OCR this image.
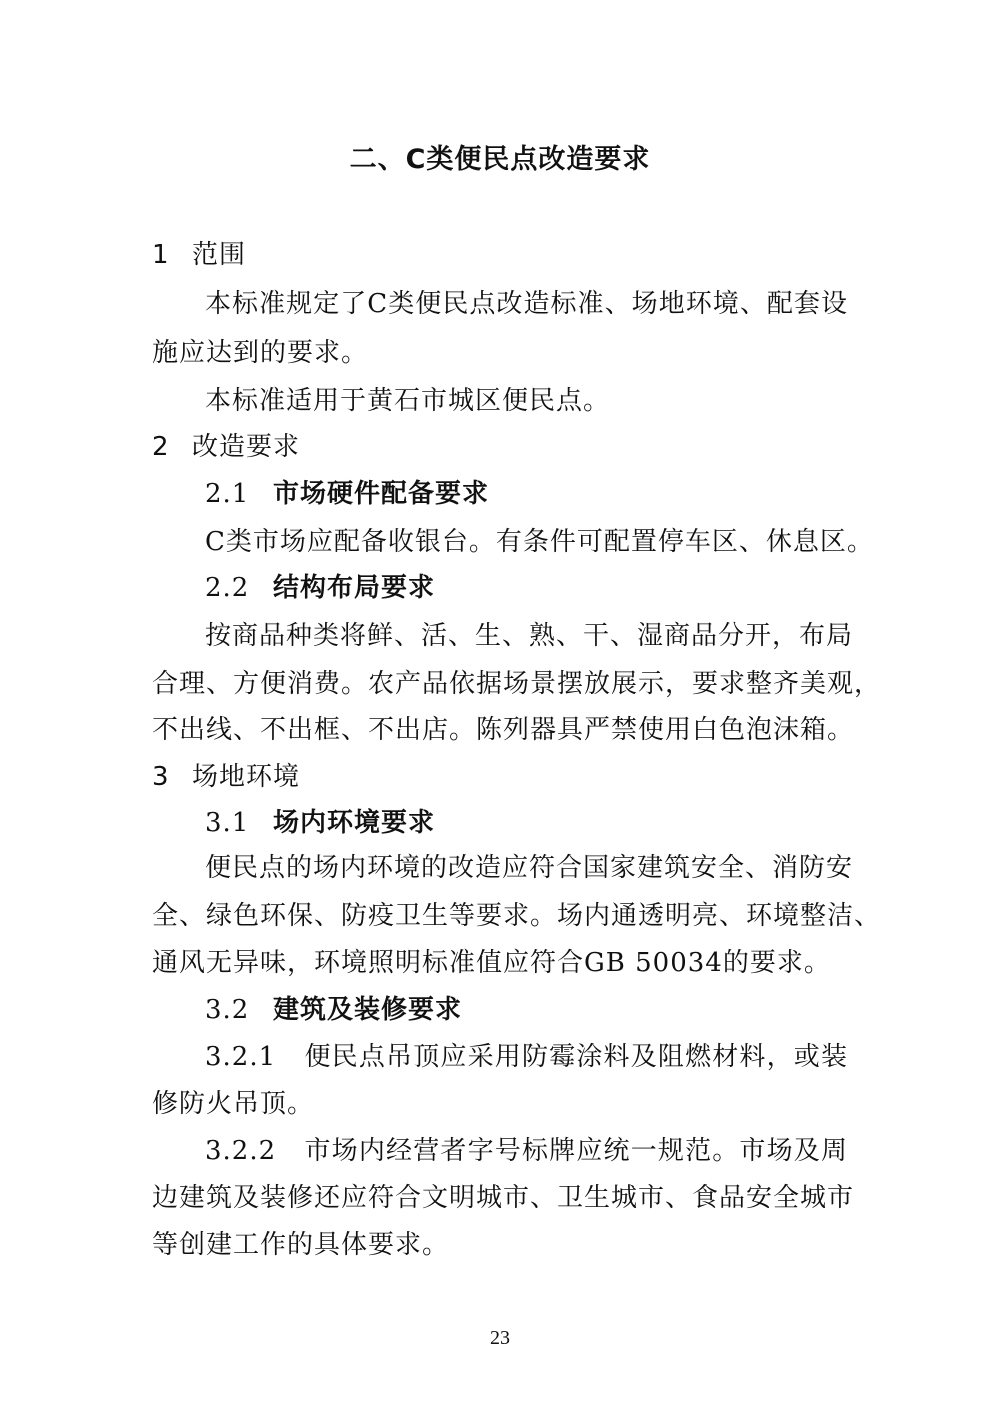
二、C类便民点改造要求
1 范围
本标准规定了C类便民点改造标准、场地环境、配套设
施应达到的要求。
本标准适用于黄石市城区便民点。
2 改造要求
2.1 市场硬件配备要求
C类市场应配备收银台。有条件可配置停车区、休息区。
2.2 结构布局要求
按商品种类将鲜、活、生、熟、干、湿商品分开，布局
合理、方便消费。农产品依据场景摆放展示，要求整齐美观，
不出线、不出框、不出店。陈列器具严禁使用白色泡沫箱。
3 场地环境
3.1 场内环境要求
便民点的场内环境的改造应符合国家建筑安全、消防安
全、绿色环保、防疫卫生等要求。场内通透明亮、环境整洁、
通风无异味，环境照明标准值应符合GB 50034的要求。
3.2 建筑及装修要求
3.2.1 便民点吊顶应采用防霉涂料及阻燃材料，或装
修防火吊顶。
3.2.2 市场内经营者字号标牌应统一规范。市场及周
边建筑及装修还应符合文明城市、卫生城市、食品安全城市
等创建工作的具体要求。
23
